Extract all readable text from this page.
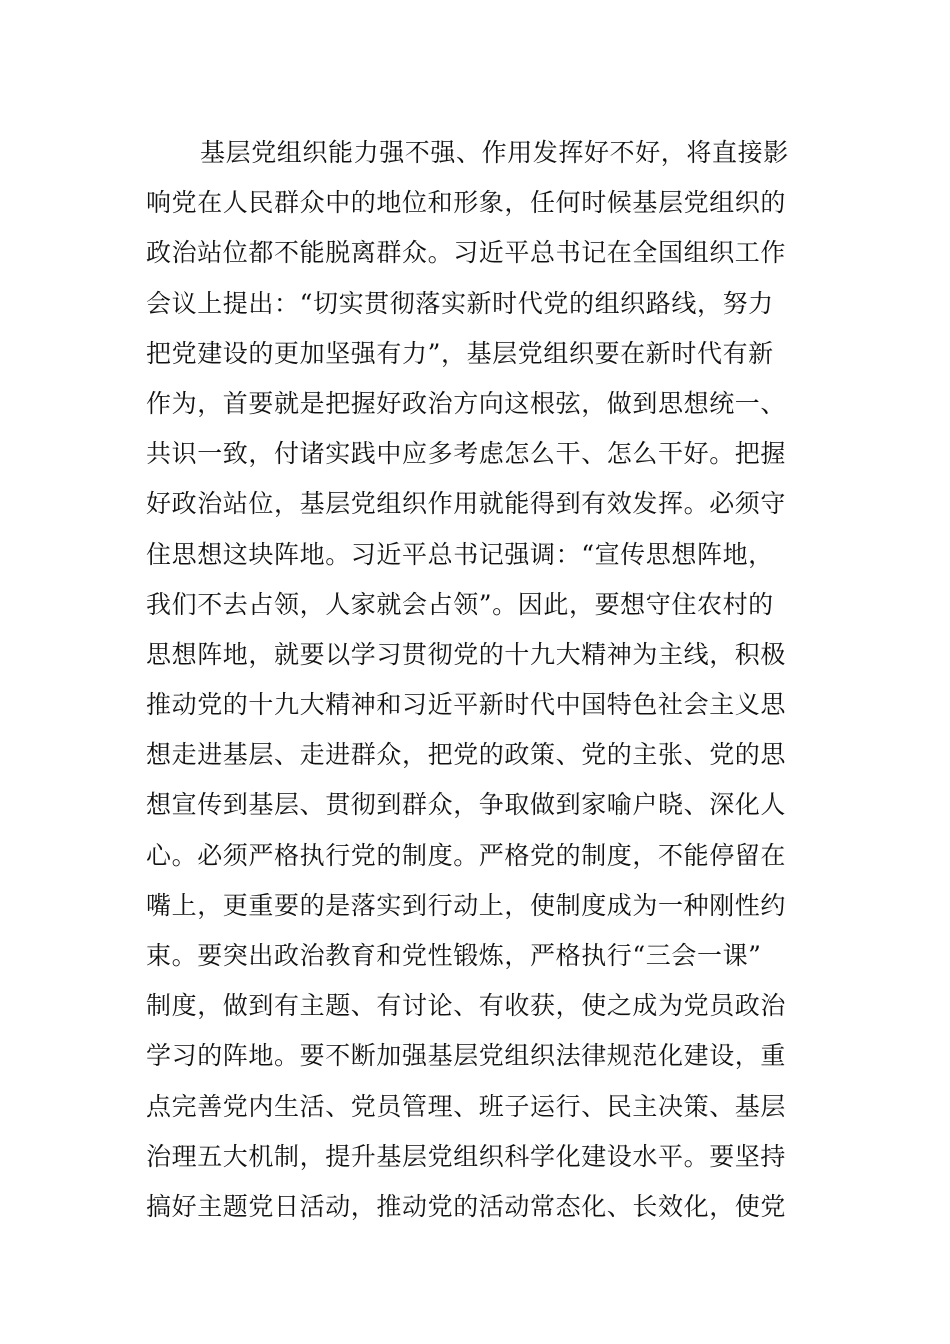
基层党组织能力强不强、作用发挥好不好，将直接影
响党在人民群众中的地位和形象，任何时候基层党组织的
政治站位都不能脱离群众。习近平总书记在全国组织工作
会议上提出：“切实贯彻落实新时代党的组织路线，努力
把党建设的更加坚强有力”，基层党组织要在新时代有新
作为，首要就是把握好政治方向这根弦，做到思想统一、
共识一致，付诸实践中应多考虑怎么干、怎么干好。把握
好政治站位，基层党组织作用就能得到有效发挥。必须守
住思想这块阵地。习近平总书记强调：“宣传思想阵地，
我们不去占领，人家就会占领”。因此，要想守住农村的
思想阵地，就要以学习贯彻党的十九大精神为主线，积极
推动党的十九大精神和习近平新时代中国特色社会主义思
想走进基层、走进群众，把党的政策、党的主张、党的思
想宣传到基层、贯彻到群众，争取做到家喻户晓、深化人
心。必须严格执行党的制度。严格党的制度，不能停留在
嘴上，更重要的是落实到行动上，使制度成为一种刚性约
束。要突出政治教育和党性锻炼，严格执行“三会一课”
制度，做到有主题、有讨论、有收获，使之成为党员政治
学习的阵地。要不断加强基层党组织法律规范化建设，重
点完善党内生活、党员管理、班子运行、民主决策、基层
治理五大机制，提升基层党组织科学化建设水平。要坚持
搞好主题党日活动，推动党的活动常态化、长效化，使党
